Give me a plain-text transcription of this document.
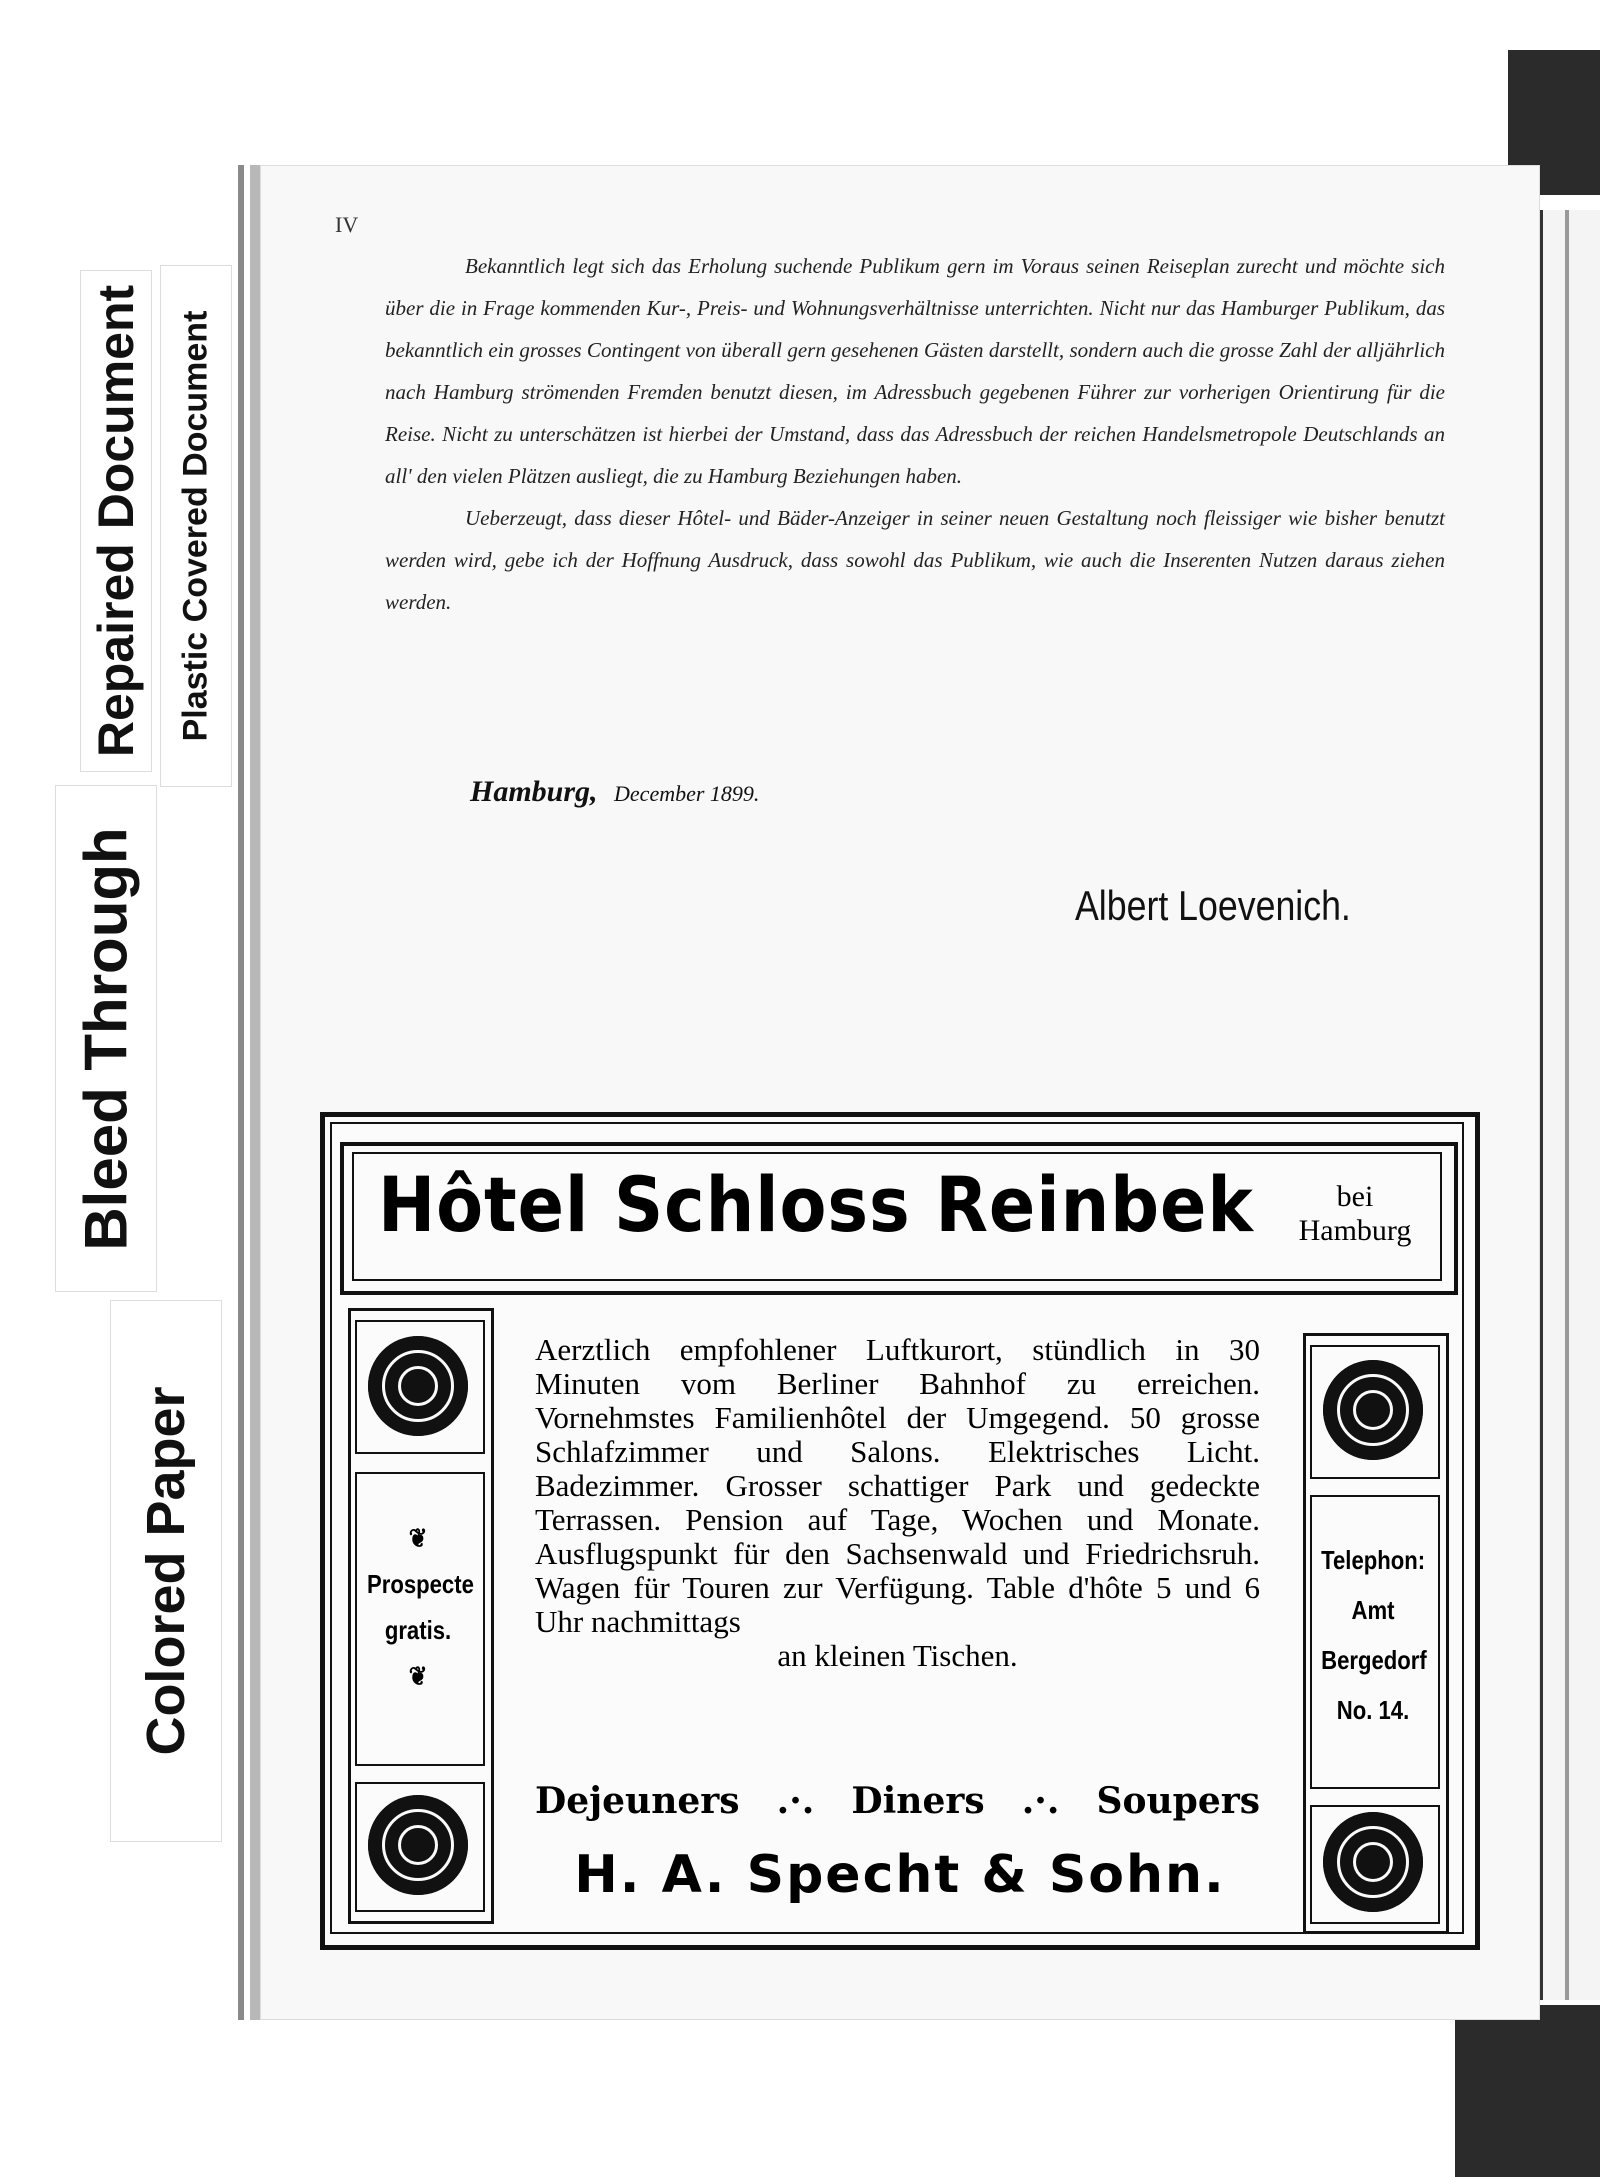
Repaired Document Plastic Covered Document
Bleed Through
Colored Paper
IV

Bekanntlich legt sich das Erholung suchende Publikum gern im Voraus seinen Reiseplan zurecht und möchte sich über die in Frage kommenden Kur-, Preis- und Wohnungsverhältnisse unterrichten. Nicht nur das Hamburger Publikum, das bekanntlich ein grosses Contingent von überall gern gesehenen Gästen darstellt, sondern auch die grosse Zahl der alljährlich nach Hamburg strömenden Fremden benutzt diesen, im Adressbuch gegebenen Führer zur vorherigen Orientirung für die Reise. Nicht zu unterschätzen ist hierbei der Umstand, dass das Adressbuch der reichen Handelsmetropole Deutschlands an all' den vielen Plätzen ausliegt, die zu Hamburg Beziehungen haben.

Ueberzeugt, dass dieser Hôtel- und Bäder-Anzeiger in seiner neuen Gestaltung noch fleissiger wie bisher benutzt werden wird, gebe ich der Hoffnung Ausdruck, dass sowohl das Publikum, wie auch die Inserenten Nutzen daraus ziehen werden.

Hamburg, December 1899.
Albert Loevenich.
Hôtel Schloss Reinbek	bei
Hamburg
❦
Prospecte
gratis.
❦
Telephon:
Amt
Bergedorf
No. 14.
Aerztlich empfohlener Luftkurort, stündlich in 30 Minuten vom Berliner Bahnhof zu erreichen. Vornehmstes Familienhôtel der Umgegend. 50 grosse Schlafzimmer und Salons. Elektrisches Licht. Badezimmer. Grosser schattiger Park und gedeckte Terrassen. Pension auf Tage, Wochen und Monate. Ausflugspunkt für den Sachsenwald und Friedrichsruh. Wagen für Touren zur Verfügung. Table d'hôte 5 und 6 Uhr nachmittags
an kleinen Tischen.
Dejeuners .·. Diners .·. Soupers
H. A. Specht & Sohn.
